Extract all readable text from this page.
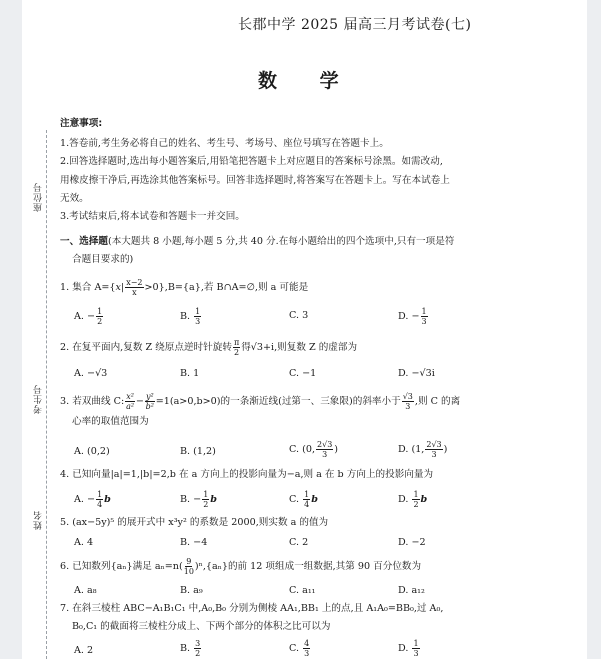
座位号
考生号
姓名
长郡中学 2025 届高三月考试卷(七)
数 学
注意事项:
1.答卷前,考生务必将自己的姓名、考生号、考场号、座位号填写在答题卡上。
2.回答选择题时,选出每小题答案后,用铅笔把答题卡上对应题目的答案标号涂黑。如需改动,
用橡皮擦干净后,再选涂其他答案标号。回答非选择题时,将答案写在答题卡上。写在本试卷上
无效。
3.考试结束后,将本试卷和答题卡一并交回。
一、选择题(本大题共 8 小题,每小题 5 分,共 40 分.在每小题给出的四个选项中,只有一项是符
合题目要求的)
1. 集合 $A=\{x| \frac{x-2}{x} >0\},B=\{a\}$,若 B∩A=∅,则 a 可能是
A. − $\frac{1}{2}$	B. $\frac{1}{3}$	C. 3	D. − $\frac{1}{3}$
2. 在复平面内,复数 Z 绕原点逆时针旋转 $\frac{\pi}{2}$ 得√3+i,则复数 Z 的虚部为
A. −√3	B. 1	C. −1	D. −√3i
3. 若双曲线 C: $\frac{\text{x²}}{\text{a²}} - \frac{\text{y²}}{\text{b²}} =1(a>0,b>0)$的一条渐近线(过第一、三象限)的斜率小于 $\frac{√3}{3}$ ,则 C 的离
心率的取值范围为
A. (0,2)	B. (1,2)	C. (0, $\frac{2√3}{3}$ )	D. (1, $\frac{2√3}{3}$ )
4. 已知向量|a|=1,|b|=2,b 在 a 方向上的投影向量为−a,则 a 在 b 方向上的投影向量为
A. − $\frac{1}{4}$ b	B. − $\frac{1}{2}$ b	C. $\frac{1}{4}$ b	D. $\frac{1}{2}$ b
5. (ax−5y)⁵ 的展开式中 x³y² 的系数是 2000,则实数 a 的值为
A. 4	B. −4	C. 2	D. −2
6. 已知数列{aₙ}满足 $a_n=n( \frac{9}{10} )^n,\{a_n\}$的前 12 项组成一组数据,其第 90 百分位数为
A. a₈	B. a₉	C. a₁₁	D. a₁₂
7. 在斜三棱柱 ABC−A₁B₁C₁ 中,A₀,B₀ 分别为侧棱 AA₁,BB₁ 上的点,且 A₁A₀=BB₀,过 A₀,
B₀,C₁ 的截面将三棱柱分成上、下两个部分的体积之比可以为
A. 2	B. $\frac{3}{2}$	C. $\frac{4}{3}$	D. $\frac{1}{3}$
